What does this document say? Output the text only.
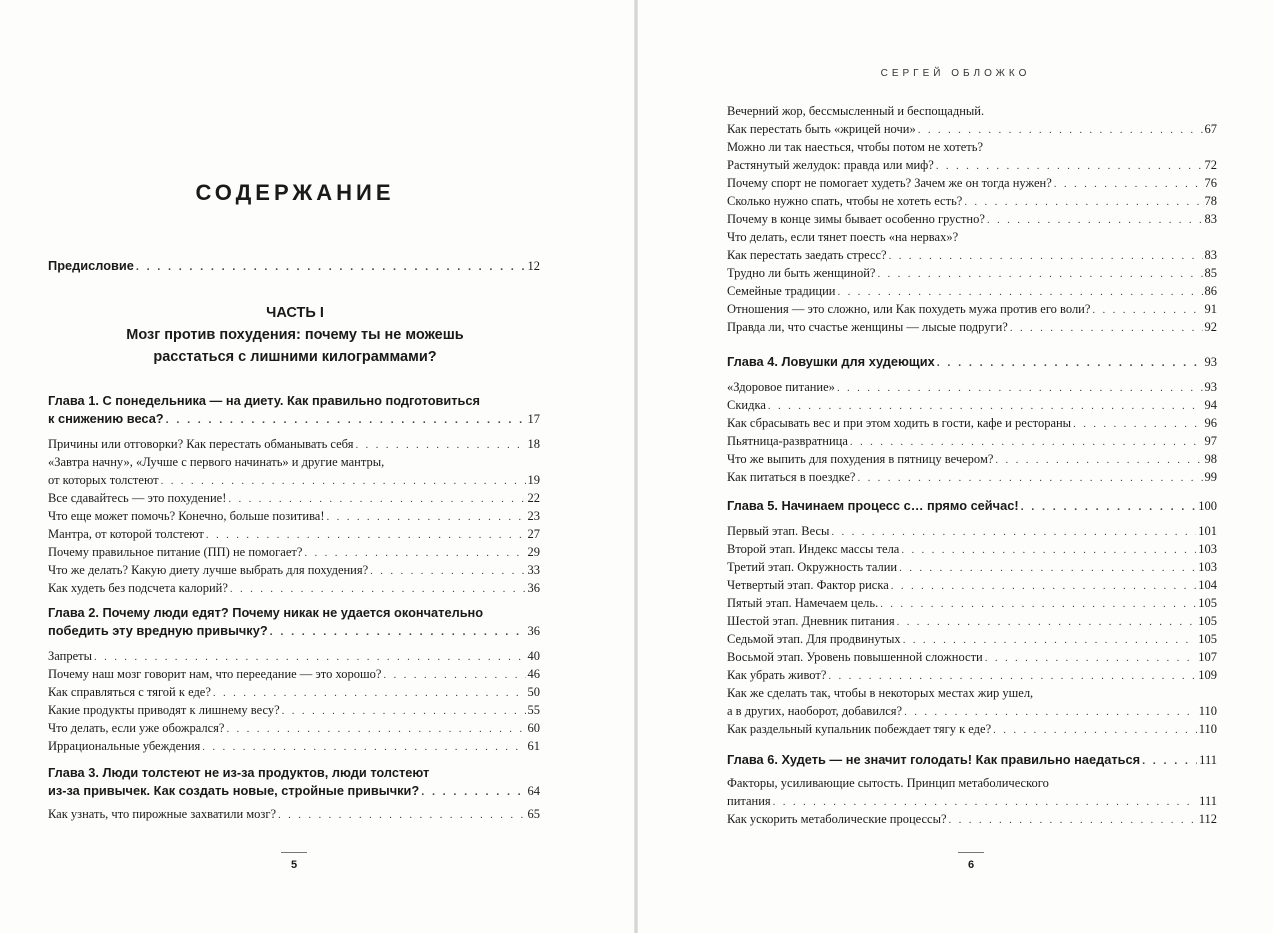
СОДЕРЖАНИЕ
Предисловие . . .	12
ЧАСТЬ I
Мозг против похудения: почему ты не можешь
расстаться с лишними килограммами?
Глава 1. С понедельника — на диету. Как правильно подготовиться
к снижению веса? . . .	17
Причины или отговорки? Как перестать обманывать себя . . .	18
«Завтра начну», «Лучше с первого начинать» и другие мантры,
от которых толстеют . . .	19
Все сдавайтесь — это похудение! . . .	22
Что еще может помочь? Конечно, больше позитива! . . .	23
Мантра, от которой толстеют . . .	27
Почему правильное питание (ПП) не помогает? . . .	29
Что же делать? Какую диету лучше выбрать для похудения? . . .	33
Как худеть без подсчета калорий? . . .	36
Глава 2. Почему люди едят? Почему никак не удается окончательно
победить эту вредную привычку? . . .	36
Запреты . . .	40
Почему наш мозг говорит нам, что переедание — это хорошо? . . .	46
Как справляться с тягой к еде? . . .	50
Какие продукты приводят к лишнему весу? . . .	55
Что делать, если уже обожрался? . . .	60
Иррациональные убеждения . . .	61
Глава 3. Люди толстеют не из-за продуктов, люди толстеют
из-за привычек. Как создать новые, стройные привычки? . . .	64
Как узнать, что пирожные захватили мозг? . . .	65
5
СЕРГЕЙ ОБЛОЖКО
Вечерний жор, бессмысленный и беспощадный.
Как перестать быть «жрицей ночи» . . .	67
Можно ли так наесться, чтобы потом не хотеть?
Растянутый желудок: правда или миф? . . .	72
Почему спорт не помогает худеть? Зачем же он тогда нужен? . . .	76
Сколько нужно спать, чтобы не хотеть есть? . . .	78
Почему в конце зимы бывает особенно грустно? . . .	83
Что делать, если тянет поесть «на нервах»?
Как перестать заедать стресс? . . .	83
Трудно ли быть женщиной? . . .	85
Семейные традиции . . .	86
Отношения — это сложно, или Как похудеть мужа против его воли? . . .	91
Правда ли, что счастье женщины — лысые подруги? . . .	92
Глава 4. Ловушки для худеющих . . .	93
«Здоровое питание» . . .	93
Скидка . . .	94
Как сбрасывать вес и при этом ходить в гости, кафе и рестораны . . .	96
Пьятница-развратница . . .	97
Что же выпить для похудения в пятницу вечером? . . .	98
Как питаться в поездке? . . .	99
Глава 5. Начинаем процесс с… прямо сейчас! . . .	100
Первый этап. Весы . . .	101
Второй этап. Индекс массы тела . . .	103
Третий этап. Окружность талии . . .	103
Четвертый этап. Фактор риска . . .	104
Пятый этап. Намечаем цель. . . .	105
Шестой этап. Дневник питания . . .	105
Седьмой этап. Для продвинутых . . .	105
Восьмой этап. Уровень повышенной сложности . . .	107
Как убрать живот? . . .	109
Как же сделать так, чтобы в некоторых местах жир ушел,
а в других, наоборот, добавился? . . .	110
Как раздельный купальник побеждает тягу к еде? . . .	110
Глава 6. Худеть — не значит голодать! Как правильно наедаться . . .	111
Факторы, усиливающие сытость. Принцип метаболического
питания . . .	111
Как ускорить метаболические процессы? . . .	112
6
